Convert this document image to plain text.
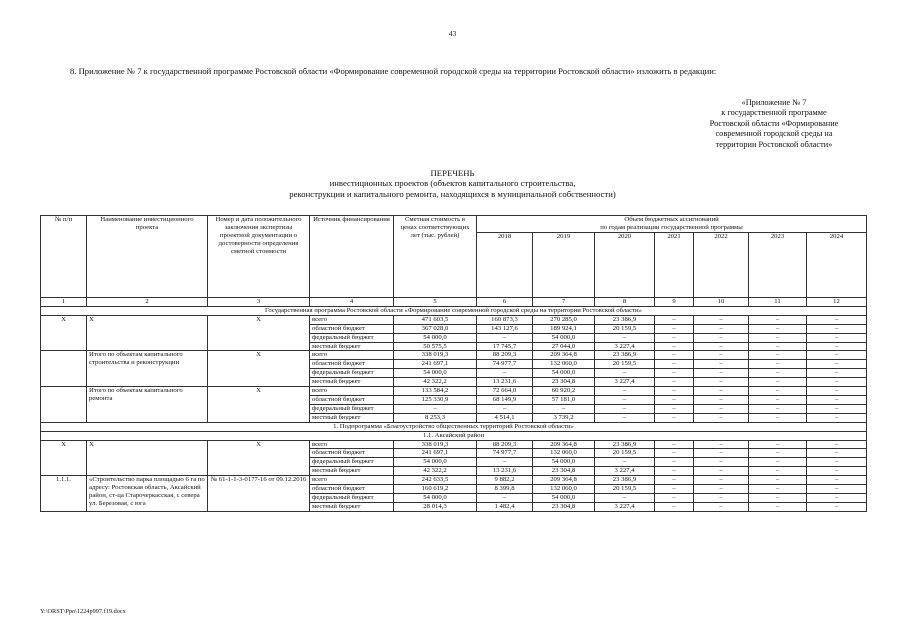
43
8. Приложение № 7 к государственной программе Ростовской области «Формирование современной городской среды на территории Ростовской области» изложить в редакции:
«Приложение № 7
к государственной программе
Ростовской области «Формирование
современной городской среды на
территории Ростовской области»
ПЕРЕЧЕНЬ
инвестиционных проектов (объектов капитального строительства,
реконструкции и капитального ремонта, находящихся в муниципальной собственности)
№ п/п	Наименование инвестиционного проекта	Номер и дата положительного заключения экспертизы проектной документации о достоверности определения сметной стоимости	Источник финансирования	Сметная стоимость в ценах соответствующих лет (тыс. рублей)	Объем бюджетных ассигнований
по годам реализации государственной программы						

					2018	2019	2020	2021	2022	2023	2024
1	2	3	4	5	6	7	8	9	10	11	12
Государственная программа Ростовской области «Формирование современной городской среды на территории Ростовской области»											
Х	Х	Х	всего	471 603,5	160 873,3	270 285,0	23 386,9	–	–	–	–
			областной бюджет	367 028,0	143 127,6	189 924,1	20 159,5	–	–	–	–
			федеральный бюджет	54 000,0	–	54 000,0	–	–	–	–	–
			местный бюджет	50 575,5	17 745,7	27 044,0	3 227,4	–	–	–	–
	Итого по объектам капитального строительства и реконструкции	Х	всего	338 019,3	88 209,3	209 364,8	23 386,9	–	–	–	–
			областной бюджет	241 697,1	74 977,7	132 060,0	20 159,5	–	–	–	–
			федеральный бюджет	54 000,0	–	54 000,0	–	–	–	–	–
			местный бюджет	42 322,2	13 231,6	23 304,8	3 227,4	–	–	–	–
	Итого по объектам капитального ремонта	Х	всего	133 584,2	72 664,0	60 920,2	–	–	–	–	–
			областной бюджет	125 330,9	68 149,9	57 181,0	–	–	–	–	–
			федеральный бюджет	–	–	–	–	–	–	–	–
			местный бюджет	8 253,3	4 514,1	3 739,2	–	–	–	–	–
1. Подпрограмма «Благоустройство общественных территорий Ростовской области»											
1.1. Аксайский район											
Х	Х	Х	всего	338 019,3	88 209,3	209 364,8	23 386,9	–	–	–	–
			областной бюджет	241 697,1	74 977,7	132 060,0	20 159,5	–	–	–	–
			федеральный бюджет	54 000,0	–	54 000,0	–	–	–	–	–
			местный бюджет	42 322,2	13 231,6	23 304,8	3 227,4	–	–	–	–
1.1.1.	«Строительство парка площадью 6 га по адресу: Ростовская область, Аксайский район, ст-ца Старочеркасская, с севера ул. Березовая, с юга	№ 61-1-1-3-0177-16 от 09.12.2016	всего	242 633,5	9 882,2	209 364,8	23 386,9	–	–	–	–
			областной бюджет	160 619,2	8 399,8	132 060,0	20 159,5	–	–	–	–
			федеральный бюджет	54 000,0	–	54 000,0	–	–	–	–	–
			местный бюджет	28 014,3	1 482,4	23 304,8	3 227,4	–	–	–	–
Y:\ORST\Ppo\1224p997.f19.docx
